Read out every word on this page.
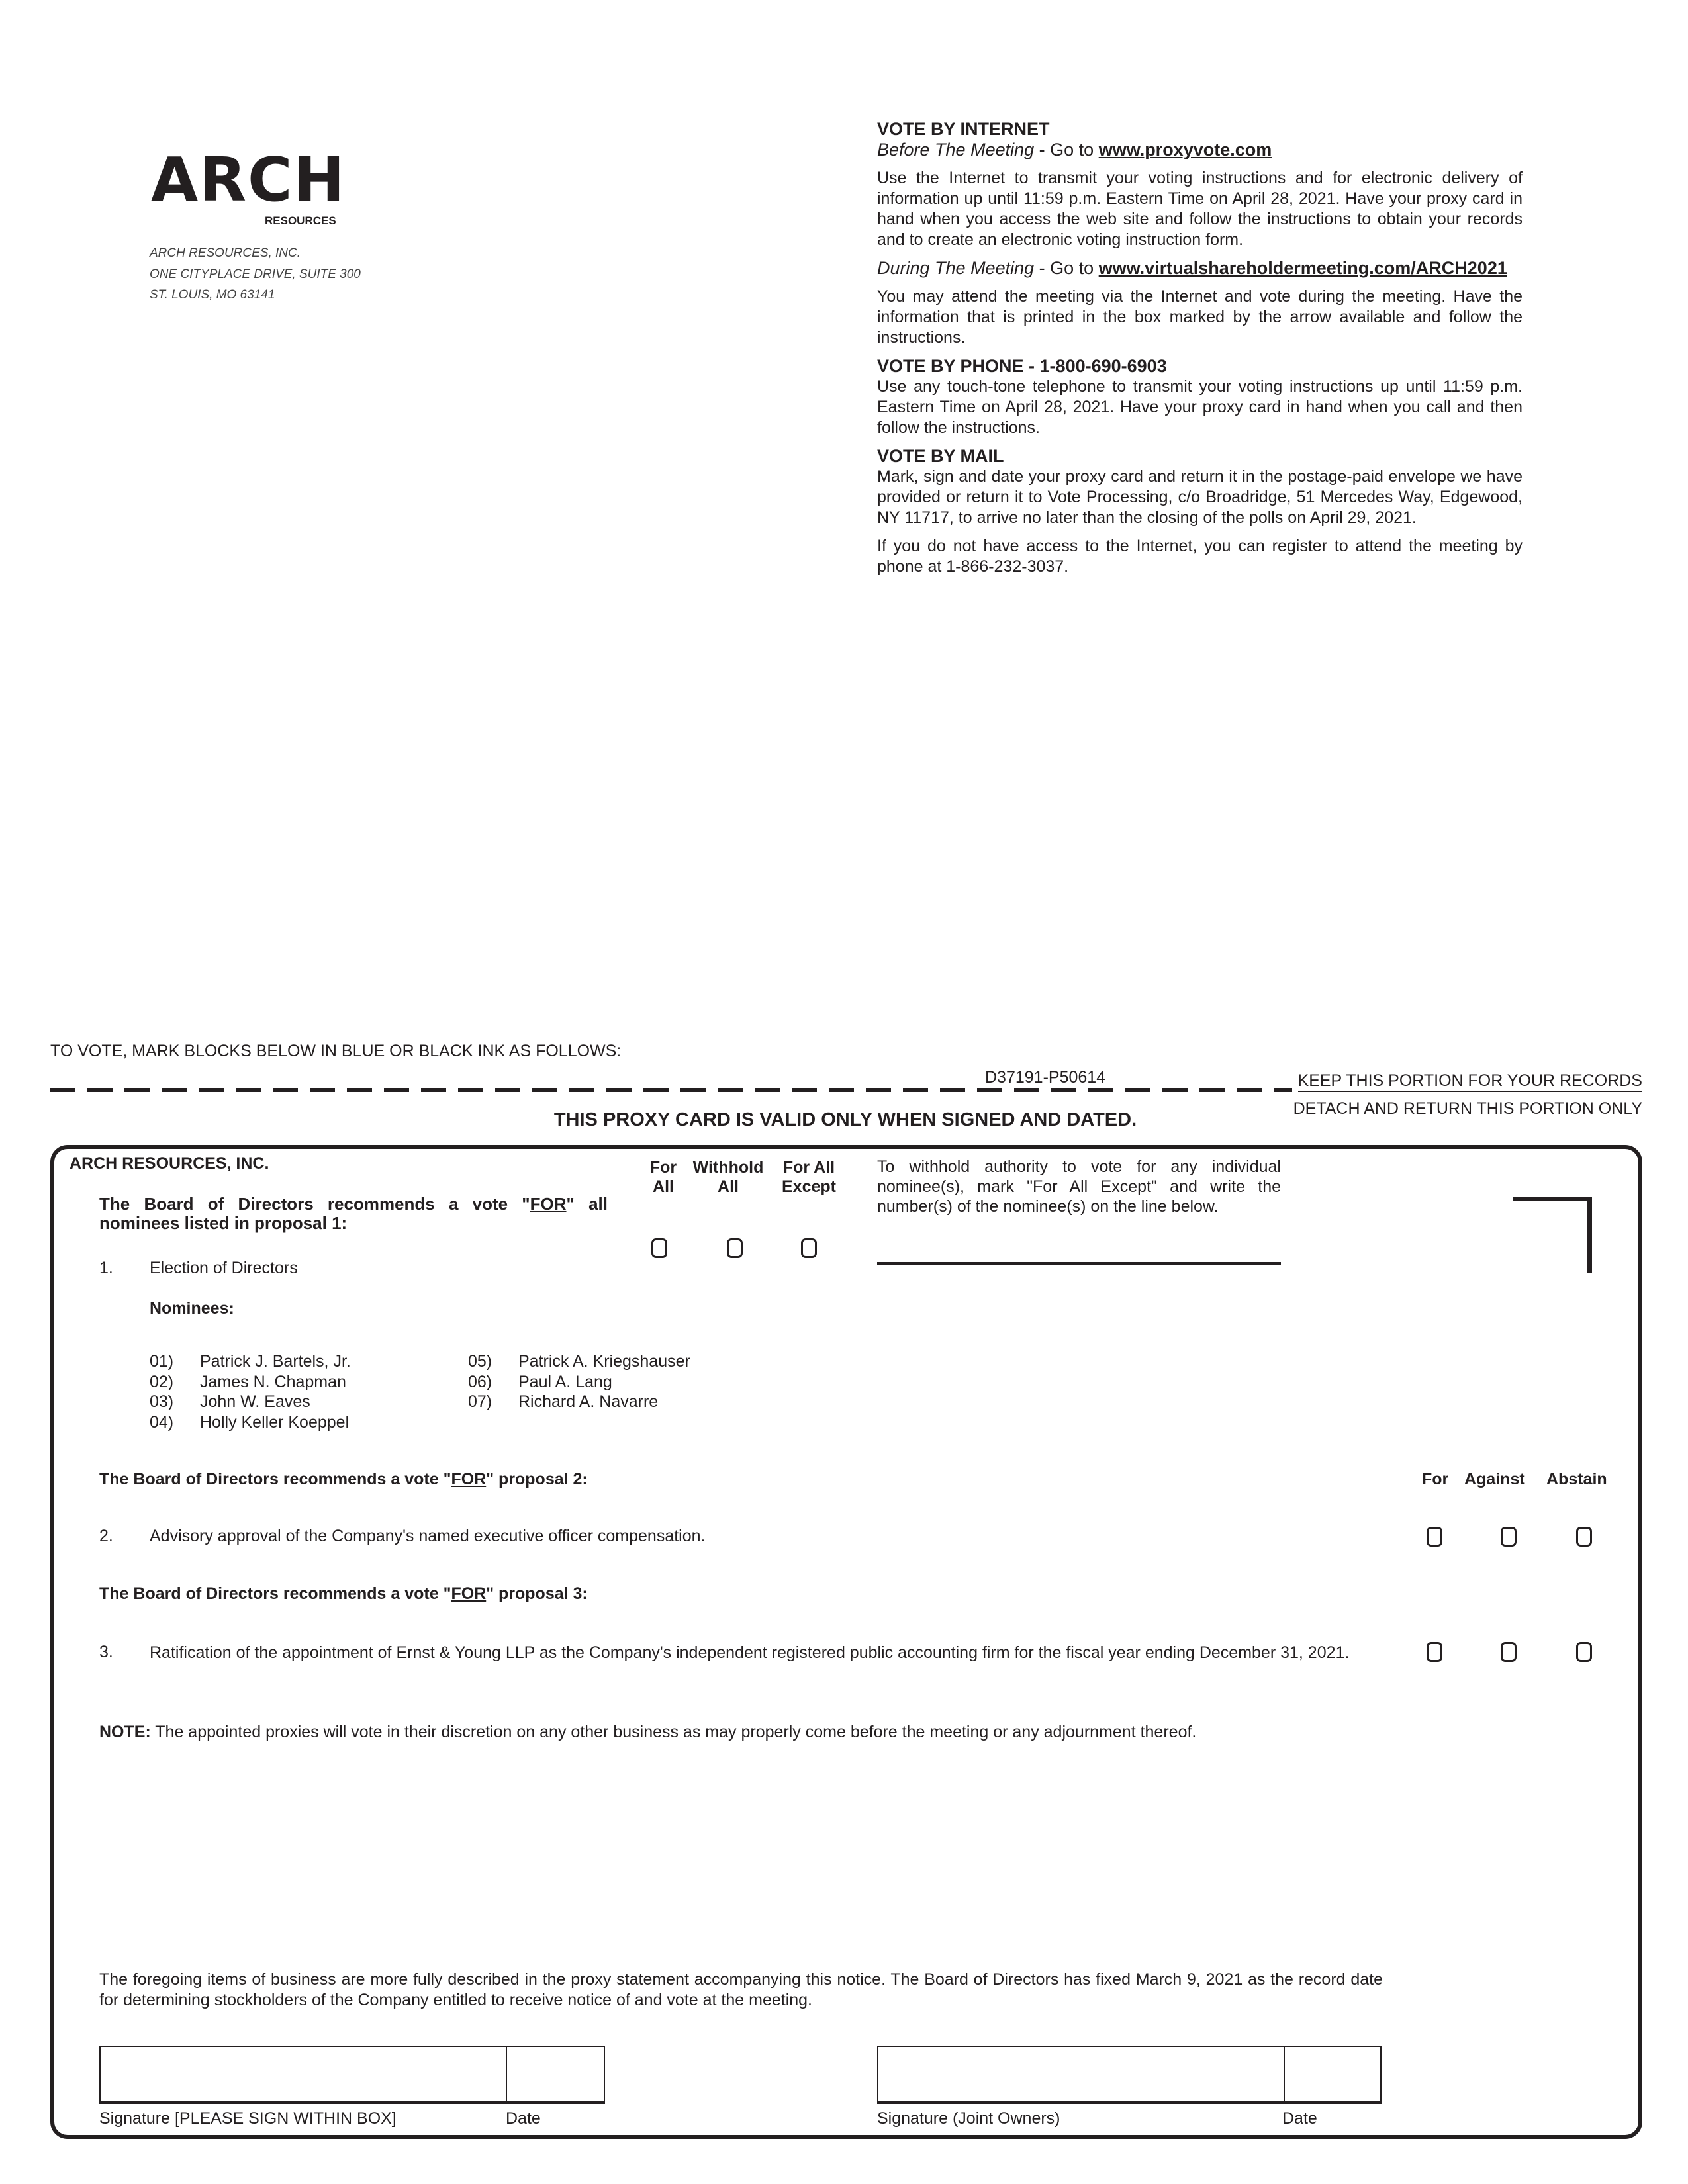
ARCH
RESOURCES
ARCH RESOURCES, INC.
ONE CITYPLACE DRIVE, SUITE 300
ST. LOUIS, MO 63141
VOTE BY INTERNET
Before The Meeting - Go to www.proxyvote.com

Use the Internet to transmit your voting instructions and for electronic delivery of information up until 11:59 p.m. Eastern Time on April 28, 2021. Have your proxy card in hand when you access the web site and follow the instructions to obtain your records and to create an electronic voting instruction form.

During The Meeting - Go to www.virtualshareholdermeeting.com/ARCH2021

You may attend the meeting via the Internet and vote during the meeting. Have the information that is printed in the box marked by the arrow available and follow the instructions.

VOTE BY PHONE - 1-800-690-6903

Use any touch-tone telephone to transmit your voting instructions up until 11:59 p.m. Eastern Time on April 28, 2021. Have your proxy card in hand when you call and then follow the instructions.

VOTE BY MAIL

Mark, sign and date your proxy card and return it in the postage-paid envelope we have provided or return it to Vote Processing, c/o Broadridge, 51 Mercedes Way, Edgewood, NY 11717, to arrive no later than the closing of the polls on April 29, 2021.

If you do not have access to the Internet, you can register to attend the meeting by phone at 1-866-232-3037.

TO VOTE, MARK BLOCKS BELOW IN BLUE OR BLACK INK AS FOLLOWS:
D37191-P50614	KEEP THIS PORTION FOR YOUR RECORDS
DETACH AND RETURN THIS PORTION ONLY
THIS PROXY CARD IS VALID ONLY WHEN SIGNED AND DATED.
ARCH RESOURCES, INC.
The Board of Directors recommends a vote "FOR" all nominees listed in proposal 1:
For
All
Withhold
All
For All
Except
To withhold authority to vote for any individual nominee(s), mark "For All Except" and write the number(s) of the nominee(s) on the line below.
1. Election of Directors
Nominees:
01) Patrick J. Bartels, Jr.
02) James N. Chapman
03) John W. Eaves
04) Holly Keller Koeppel
05) Patrick A. Kriegshauser
06) Paul A. Lang
07) Richard A. Navarre
The Board of Directors recommends a vote "FOR" proposal 2:	For Against Abstain
2. Advisory approval of the Company's named executive officer compensation.
The Board of Directors recommends a vote "FOR" proposal 3:
3. Ratification of the appointment of Ernst & Young LLP as the Company's independent registered public accounting firm for the fiscal year ending December 31, 2021.
NOTE: The appointed proxies will vote in their discretion on any other business as may properly come before the meeting or any adjournment thereof.
The foregoing items of business are more fully described in the proxy statement accompanying this notice. The Board of Directors has fixed March 9, 2021 as the record date for determining stockholders of the Company entitled to receive notice of and vote at the meeting.
Signature [PLEASE SIGN WITHIN BOX]	Date	Signature (Joint Owners)	Date
